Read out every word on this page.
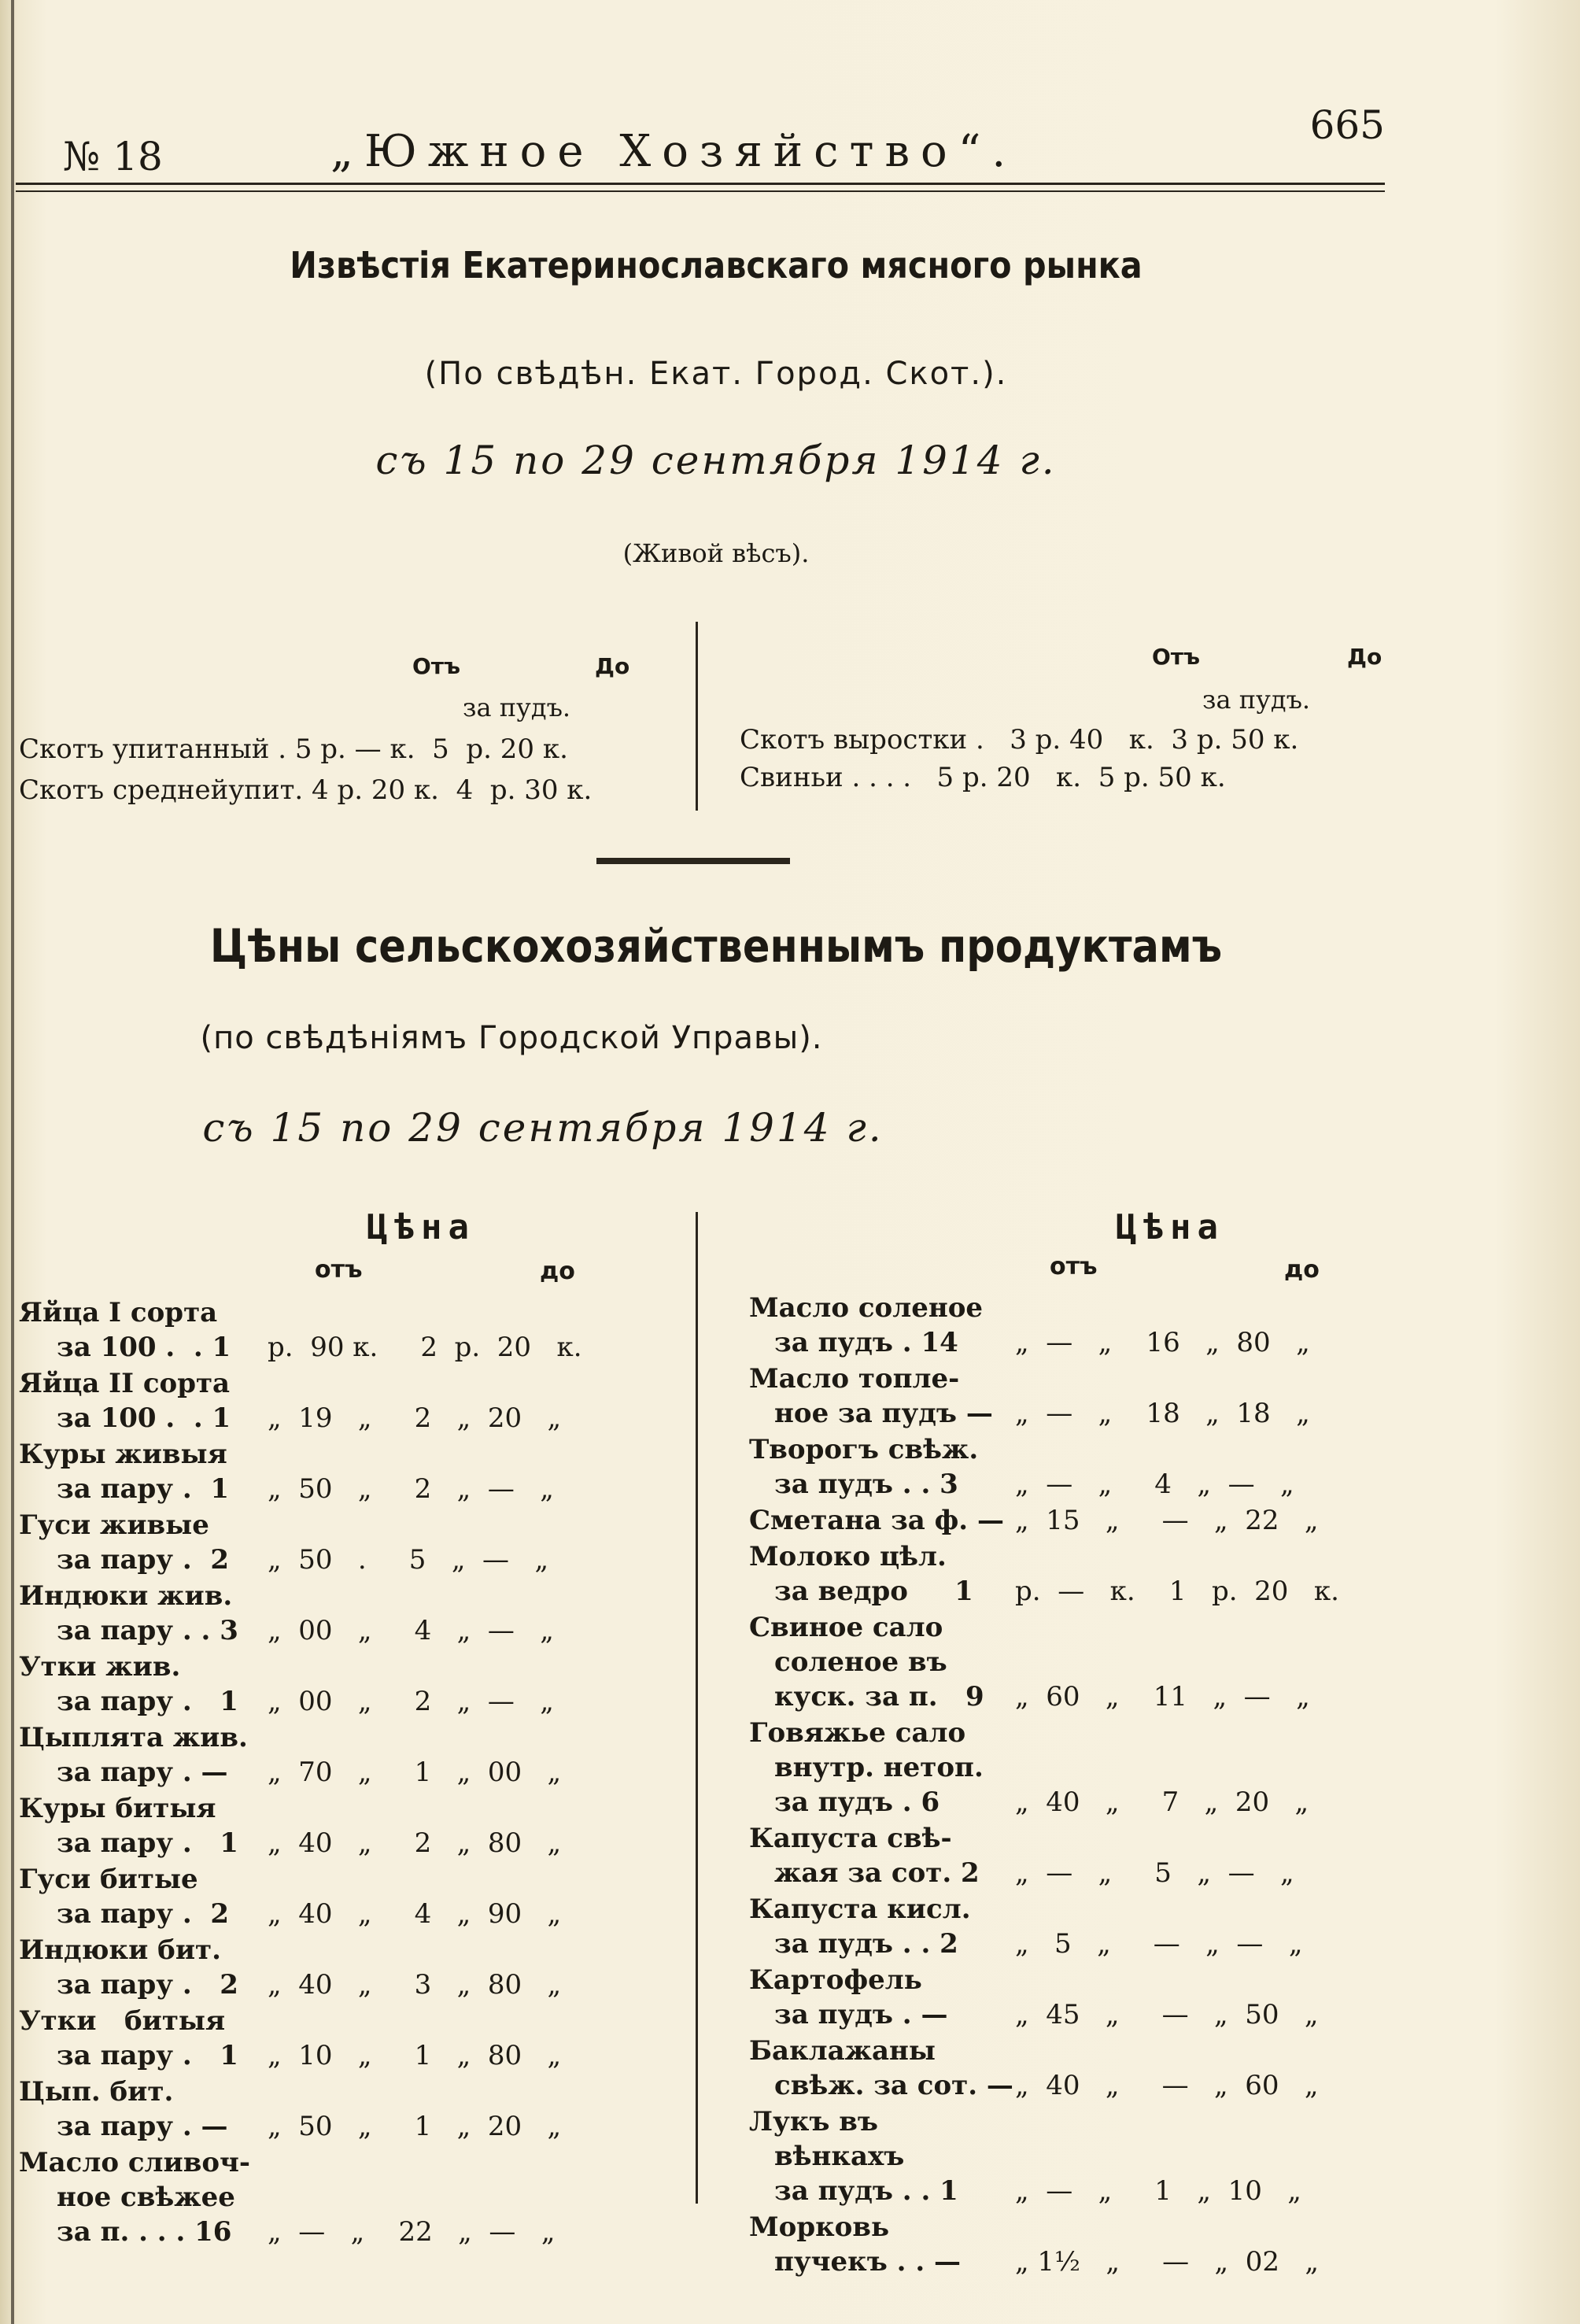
№ 18	„Южное Хозяйство“.
665
Извѣстія Екатеринославскаго мясного рынка
(По свѣдѣн. Екат. Город. Скот.).
съ 15 по 29 сентября 1914 г.
(Живой вѣсъ).
Отъ	До
за пудъ.
Скотъ упитанный . 5 р. — к.  5  р. 20 к.
Скотъ среднейупит. 4 р. 20 к.  4  р. 30 к.
Отъ	До
за пудъ.
Скотъ выростки .   3 р. 40   к.  3 р. 50 к.
Свиньи . . . .   5 р. 20   к.  5 р. 50 к.
Цѣны сельскохозяйственнымъ продуктамъ
(по свѣдѣніямъ Городской Управы).
съ 15 по 29 сентября 1914 г.
Цѣна
отъ	до
Цѣна
отъ	до
Яйца I сорта
за 100 .  . 1 р.  90 к.     2  р.  20   к.
Яйца II сорта
за 100 .  . 1 „  19   „     2   „  20   „
Куры живыя
за пару .  1 „  50   „     2   „  —   „
Гуси живые
за пару .  2 „  50   .     5   „  —   „
Индюки жив.
за пару . . 3 „  00   „     4   „  —   „
Утки жив.
за пару .   1 „  00   „     2   „  —   „
Цыплята жив.
за пару . —	„  70   „     1   „  00   „
Куры битыя
за пару .   1 „  40   „     2   „  80   „
Гуси битые
за пару .  2 „  40   „     4   „  90   „
Индюки бит.
за пару .   2 „  40   „     3   „  80   „
Утки   битыя
за пару .   1 „  10   „     1   „  80   „
Цып. бит.
за пару . — „  50   „     1   „  20   „
Масло сливоч-
ное свѣжее
за п. . . . 16	„  —   „    22   „  —   „
Масло соленое
за пудъ . 14	„  —   „    16   „  80   „
Масло топле-
ное за пудъ — „  —   „    18   „  18   „
Творогъ свѣж.
за пудъ . . 3	„  —   „     4   „  —   „
Сметана за ф. — „  15   „     —   „  22   „
Молоко цѣл.
за ведро     1 р.  —   к.    1   р.  20   к.
Свиное сало
соленое въ
куск. за п.   9 „  60   „    11   „  —   „
Говяжье сало
внутр. нетоп.
за пудъ . 6	„  40   „     7   „  20   „
Капуста свѣ-
жая за сот. 2 „  —   „     5   „  —   „
Капуста кисл.
за пудъ . . 2	„   5   „     —   „  —   „
Картофель
за пудъ . —	„  45   „     —   „  50   „
Баклажаны
свѣж. за сот. — „  40   „     —   „  60   „
Лукъ въ
вѣнкахъ
за пудъ . . 1 „  —   „     1   „  10   „
Морковь
пучекъ . . — „ 1½   „     —   „  02   „
